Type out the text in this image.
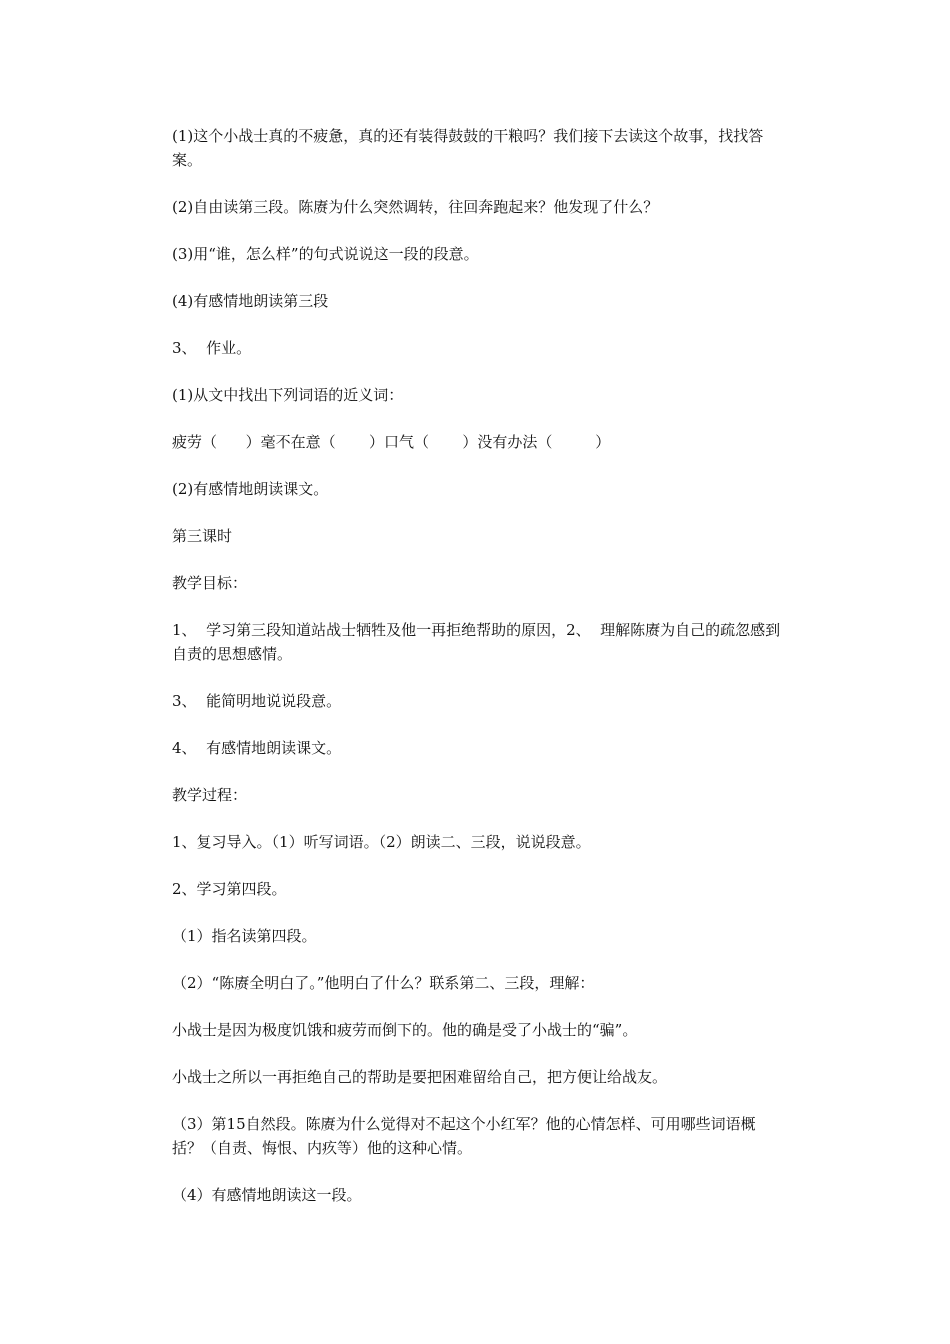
(1)这个小战士真的不疲惫，真的还有装得鼓鼓的干粮吗？我们接下去读这个故事，找找答案。

(2)自由读第三段。陈赓为什么突然调转，往回奔跑起来？他发现了什么？

(3)用“谁，怎么样”的句式说说这一段的段意。

(4)有感情地朗读第三段

3、  作业。

(1)从文中找出下列词语的近义词：

疲劳（      ）毫不在意（       ）口气（       ）没有办法（         ）

(2)有感情地朗读课文。

第三课时

教学目标：

1、  学习第三段知道站战士牺牲及他一再拒绝帮助的原因，2、  理解陈赓为自己的疏忽感到自责的思想感情。

3、  能简明地说说段意。

4、  有感情地朗读课文。

教学过程：

1、复习导入。（1）听写词语。（2）朗读二、三段，说说段意。

2、学习第四段。

（1）指名读第四段。

（2）“陈赓全明白了。”他明白了什么？联系第二、三段，理解：

小战士是因为极度饥饿和疲劳而倒下的。他的确是受了小战士的“骗”。

小战士之所以一再拒绝自己的帮助是要把困难留给自己，把方便让给战友。

（3）第15自然段。陈赓为什么觉得对不起这个小红军？他的心情怎样、可用哪些词语概括？（自责、悔恨、内疚等）他的这种心情。

（4）有感情地朗读这一段。
